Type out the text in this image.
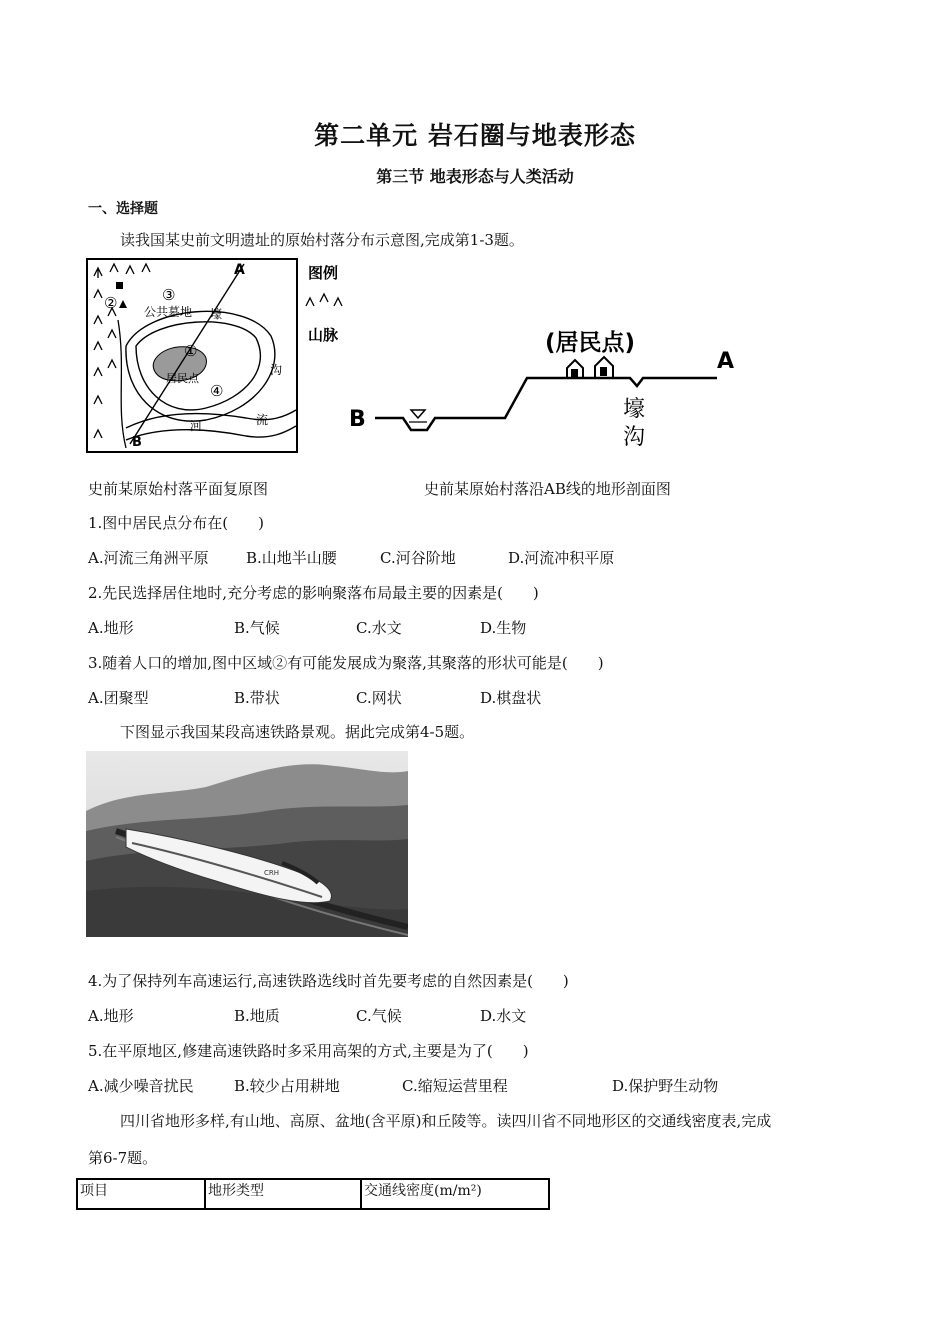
第二单元 岩石圈与地表形态
第三节 地表形态与人类活动
一、选择题
读我国某史前文明遗址的原始村落分布示意图,完成第1-3题。
A
B
公共墓地 壕
沟
居民点
河	流
①
②	③
④
图例
山脉	(居民点)
A
B	壕
沟
史前某原始村落平面复原图	史前某原始村落沿AB线的地形剖面图
1.图中居民点分布在(　　)
A.河流三角洲平原 B.山地半山腰	C.河谷阶地	D.河流冲积平原
2.先民选择居住地时,充分考虑的影响聚落布局最主要的因素是(　　)
A.地形	B.气候	C.水文	D.生物
3.随着人口的增加,图中区域②有可能发展成为聚落,其聚落的形状可能是(　　)
A.团聚型	B.带状	C.网状	D.棋盘状
下图显示我国某段高速铁路景观。据此完成第4-5题。
CRH
4.为了保持列车高速运行,高速铁路选线时首先要考虑的自然因素是(　　)
A.地形	B.地质	C.气候	D.水文
5.在平原地区,修建高速铁路时多采用高架的方式,主要是为了(　　)
A.减少噪音扰民	B.较少占用耕地	C.缩短运营里程	D.保护野生动物
四川省地形多样,有山地、高原、盆地(含平原)和丘陵等。读四川省不同地形区的交通线密度表,完成
第6-7题。
项目	地形类型	交通线密度(m/m²)
